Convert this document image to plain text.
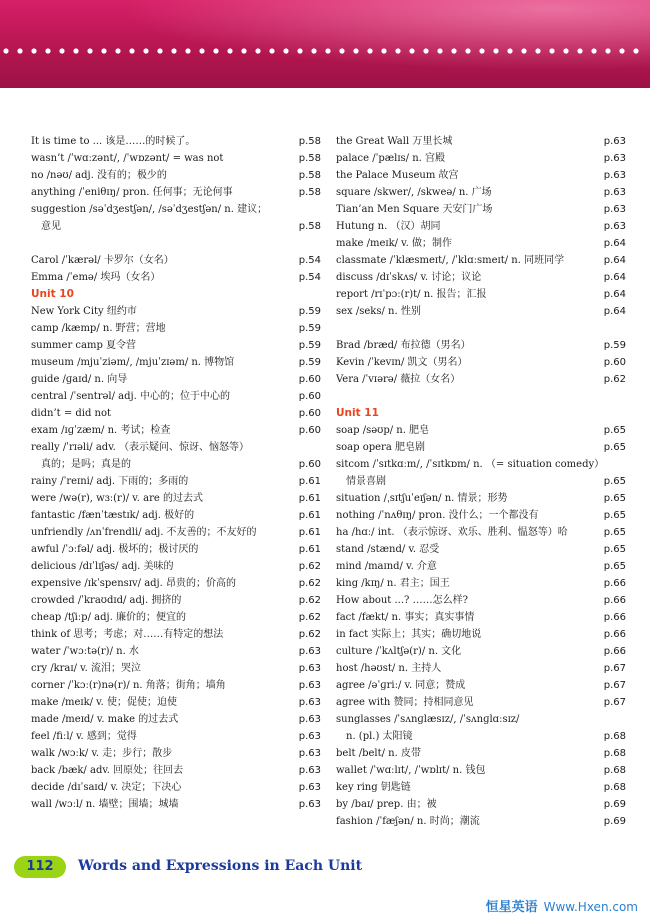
It is time to ... 该是……的时候了。	p.58
wasn’t /ˈwɑːzənt/, /ˈwɒzənt/ = was not	p.58
no /nəʊ/ adj. 没有的；极少的	p.58
anything /ˈeniθɪŋ/ pron. 任何事；无论何事	p.58
suggestion /səˈdʒestʃən/, /səˈdʒestʃən/ n. 建议；
意见	p.58
Carol /ˈkærəl/ 卡罗尔（女名）	p.54
Emma /ˈemə/ 埃玛（女名）	p.54
Unit 10
New York City 纽约市	p.59
camp /kæmp/ n. 野营；营地	p.59
summer camp 夏令营	p.59
museum /mjuˈziəm/, /mjuˈzɪəm/ n. 博物馆	p.59
guide /ɡaɪd/ n. 向导	p.60
central /ˈsentrəl/ adj. 中心的；位于中心的	p.60
didn’t = did not	p.60
exam /ɪɡˈzæm/ n. 考试；检查	p.60
really /ˈrɪəli/ adv. （表示疑问、惊讶、恼怒等）
真的；是吗；真是的	p.60
rainy /ˈreɪni/ adj. 下雨的；多雨的	p.61
were /wə(r), wɜː(r)/ v. are 的过去式	p.61
fantastic /fænˈtæstɪk/ adj. 极好的	p.61
unfriendly /ʌnˈfrendli/ adj. 不友善的；不友好的	p.61
awful /ˈɔːfəl/ adj. 极坏的；极讨厌的	p.61
delicious /dɪˈlɪʃəs/ adj. 美味的	p.62
expensive /ɪkˈspensɪv/ adj. 昂贵的；价高的	p.62
crowded /ˈkraʊdɪd/ adj. 拥挤的	p.62
cheap /tʃiːp/ adj. 廉价的；便宜的	p.62
think of 思考；考虑；对……有特定的想法	p.62
water /ˈwɔːtə(r)/ n. 水	p.63
cry /kraɪ/ v. 流泪；哭泣	p.63
corner /ˈkɔː(r)nə(r)/ n. 角落；街角；墙角	p.63
make /meɪk/ v. 使；促使；迫使	p.63
made /meɪd/ v. make 的过去式	p.63
feel /fiːl/ v. 感到；觉得	p.63
walk /wɔːk/ v. 走；步行；散步	p.63
back /bæk/ adv. 回原处；往回去	p.63
decide /dɪˈsaɪd/ v. 决定；下决心	p.63
wall /wɔːl/ n. 墙壁；围墙；城墙	p.63
the Great Wall 万里长城	p.63
palace /ˈpælɪs/ n. 宫殿	p.63
the Palace Museum 故宫	p.63
square /skwer/, /skweə/ n. 广场	p.63
Tian’an Men Square 天安门广场	p.63
Hutung n. （汉）胡同	p.63
make /meɪk/ v. 做；制作	p.64
classmate /ˈklæsmeɪt/, /ˈklɑːsmeɪt/ n. 同班同学	p.64
discuss /dɪˈskʌs/ v. 讨论；议论	p.64
report /rɪˈpɔː(r)t/ n. 报告；汇报	p.64
sex /seks/ n. 性别	p.64
Brad /bræd/ 布拉德（男名）	p.59
Kevin /ˈkevɪn/ 凯文（男名）	p.60
Vera /ˈvɪərə/ 薇拉（女名）	p.62
Unit 11
soap /səʊp/ n. 肥皂	p.65
soap opera 肥皂剧	p.65
sitcom /ˈsɪtkɑːm/, /ˈsɪtkɒm/ n. （= situation comedy）
情景喜剧	p.65
situation /ˌsɪtʃuˈeɪʃən/ n. 情景；形势	p.65
nothing /ˈnʌθɪŋ/ pron. 没什么；一个都没有	p.65
ha /hɑː/ int. （表示惊讶、欢乐、胜利、愠怒等）哈	p.65
stand /stænd/ v. 忍受	p.65
mind /maɪnd/ v. 介意	p.65
king /kɪŋ/ n. 君主；国王	p.66
How about ...? ……怎么样?	p.66
fact /fækt/ n. 事实；真实事情	p.66
in fact 实际上；其实；确切地说	p.66
culture /ˈkʌltʃə(r)/ n. 文化	p.66
host /həʊst/ n. 主持人	p.67
agree /əˈɡriː/ v. 同意；赞成	p.67
agree with 赞同；持相同意见	p.67
sunglasses /ˈsʌnɡlæsɪz/, /ˈsʌnɡlɑːsɪz/
n. (pl.) 太阳镜	p.68
belt /belt/ n. 皮带	p.68
wallet /ˈwɑːlɪt/, /ˈwɒlɪt/ n. 钱包	p.68
key ring 钥匙链	p.68
by /baɪ/ prep. 由；被	p.69
fashion /ˈfæʃən/ n. 时尚；潮流	p.69
112	Words and Expressions in Each Unit
恒星英语 Www.Hxen.com
